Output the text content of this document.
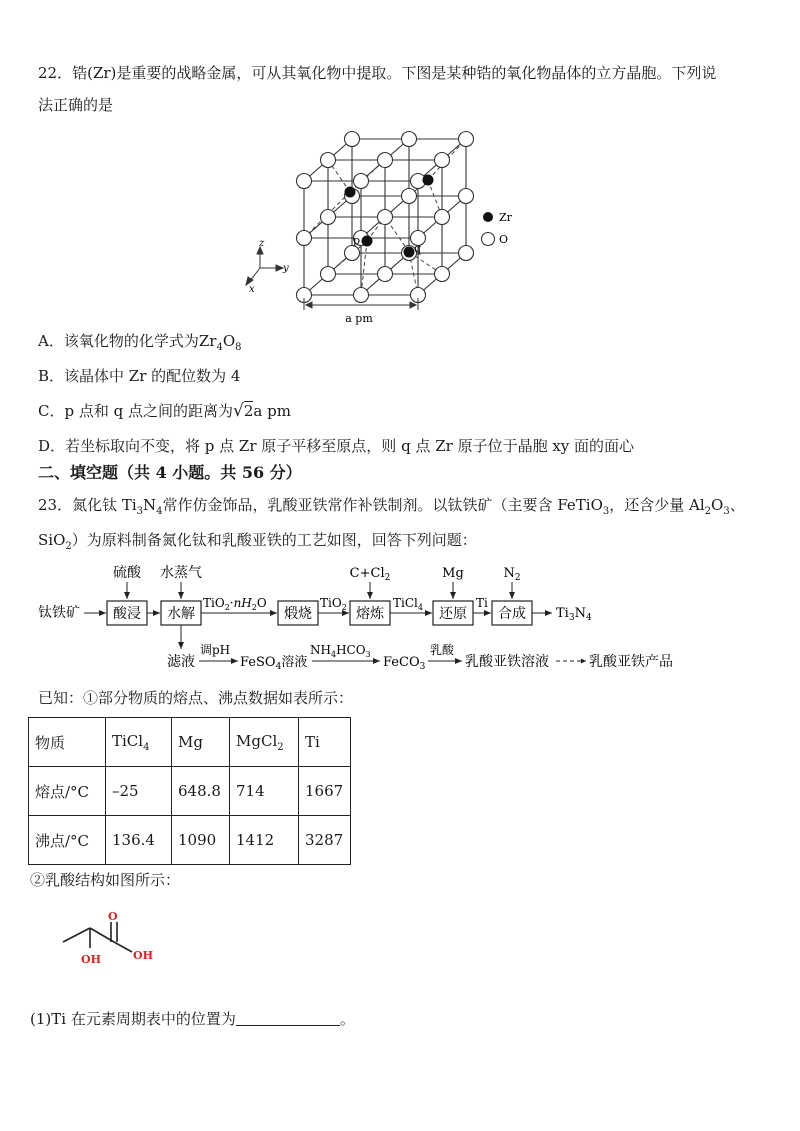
22．锆(Zr)是重要的战略金属，可从其氧化物中提取。下图是某种锆的氧化物晶体的立方晶胞。下列说
法正确的是
p
q
Zr
O
z
y
x
a pm
A．该氧化物的化学式为$Zr_4O_8$
B．该晶体中 Zr 的配位数为 4
C．p 点和 q 点之间的距离为√2a pm
D．若坐标取向不变，将 p 点 Zr 原子平移至原点，则 q 点 Zr 原子位于晶胞 xy 面的面心
二、填空题（共 4 小题。共 56 分）
23．氮化钛 $Ti_3N_4$常作仿金饰品，乳酸亚铁常作补铁制剂。以钛铁矿（主要含 FeTiO$_3$，还含少量 $Al_2O_3$、
SiO$_2$）为原料制备氮化钛和乳酸亚铁的工艺如图，回答下列问题：
硫酸 水蒸气	$C+Cl_2$	Mg	$N_2$
钛铁矿 酸浸 水解	煅烧	熔炼	还原 合成
$TiO_2\cdot nH_2O$	TiO$_2$	TiCl$_4$	Ti
$Ti_3N_4$
滤液
调pH
FeSO$_4$溶液
$NH_4HCO_3$
FeCO$_3$
乳酸
乳酸亚铁溶液	乳酸亚铁产品
已知：①部分物质的熔点、沸点数据如表所示：
物质	TiCl$_4$	Mg	MgCl$_2$	Ti
熔点/°C	–25	648.8	714	1667
沸点/°C	136.4	1090	1412	3287
②乳酸结构如图所示：
O
OH
OH
(1)Ti 在元素周期表中的位置为	。
